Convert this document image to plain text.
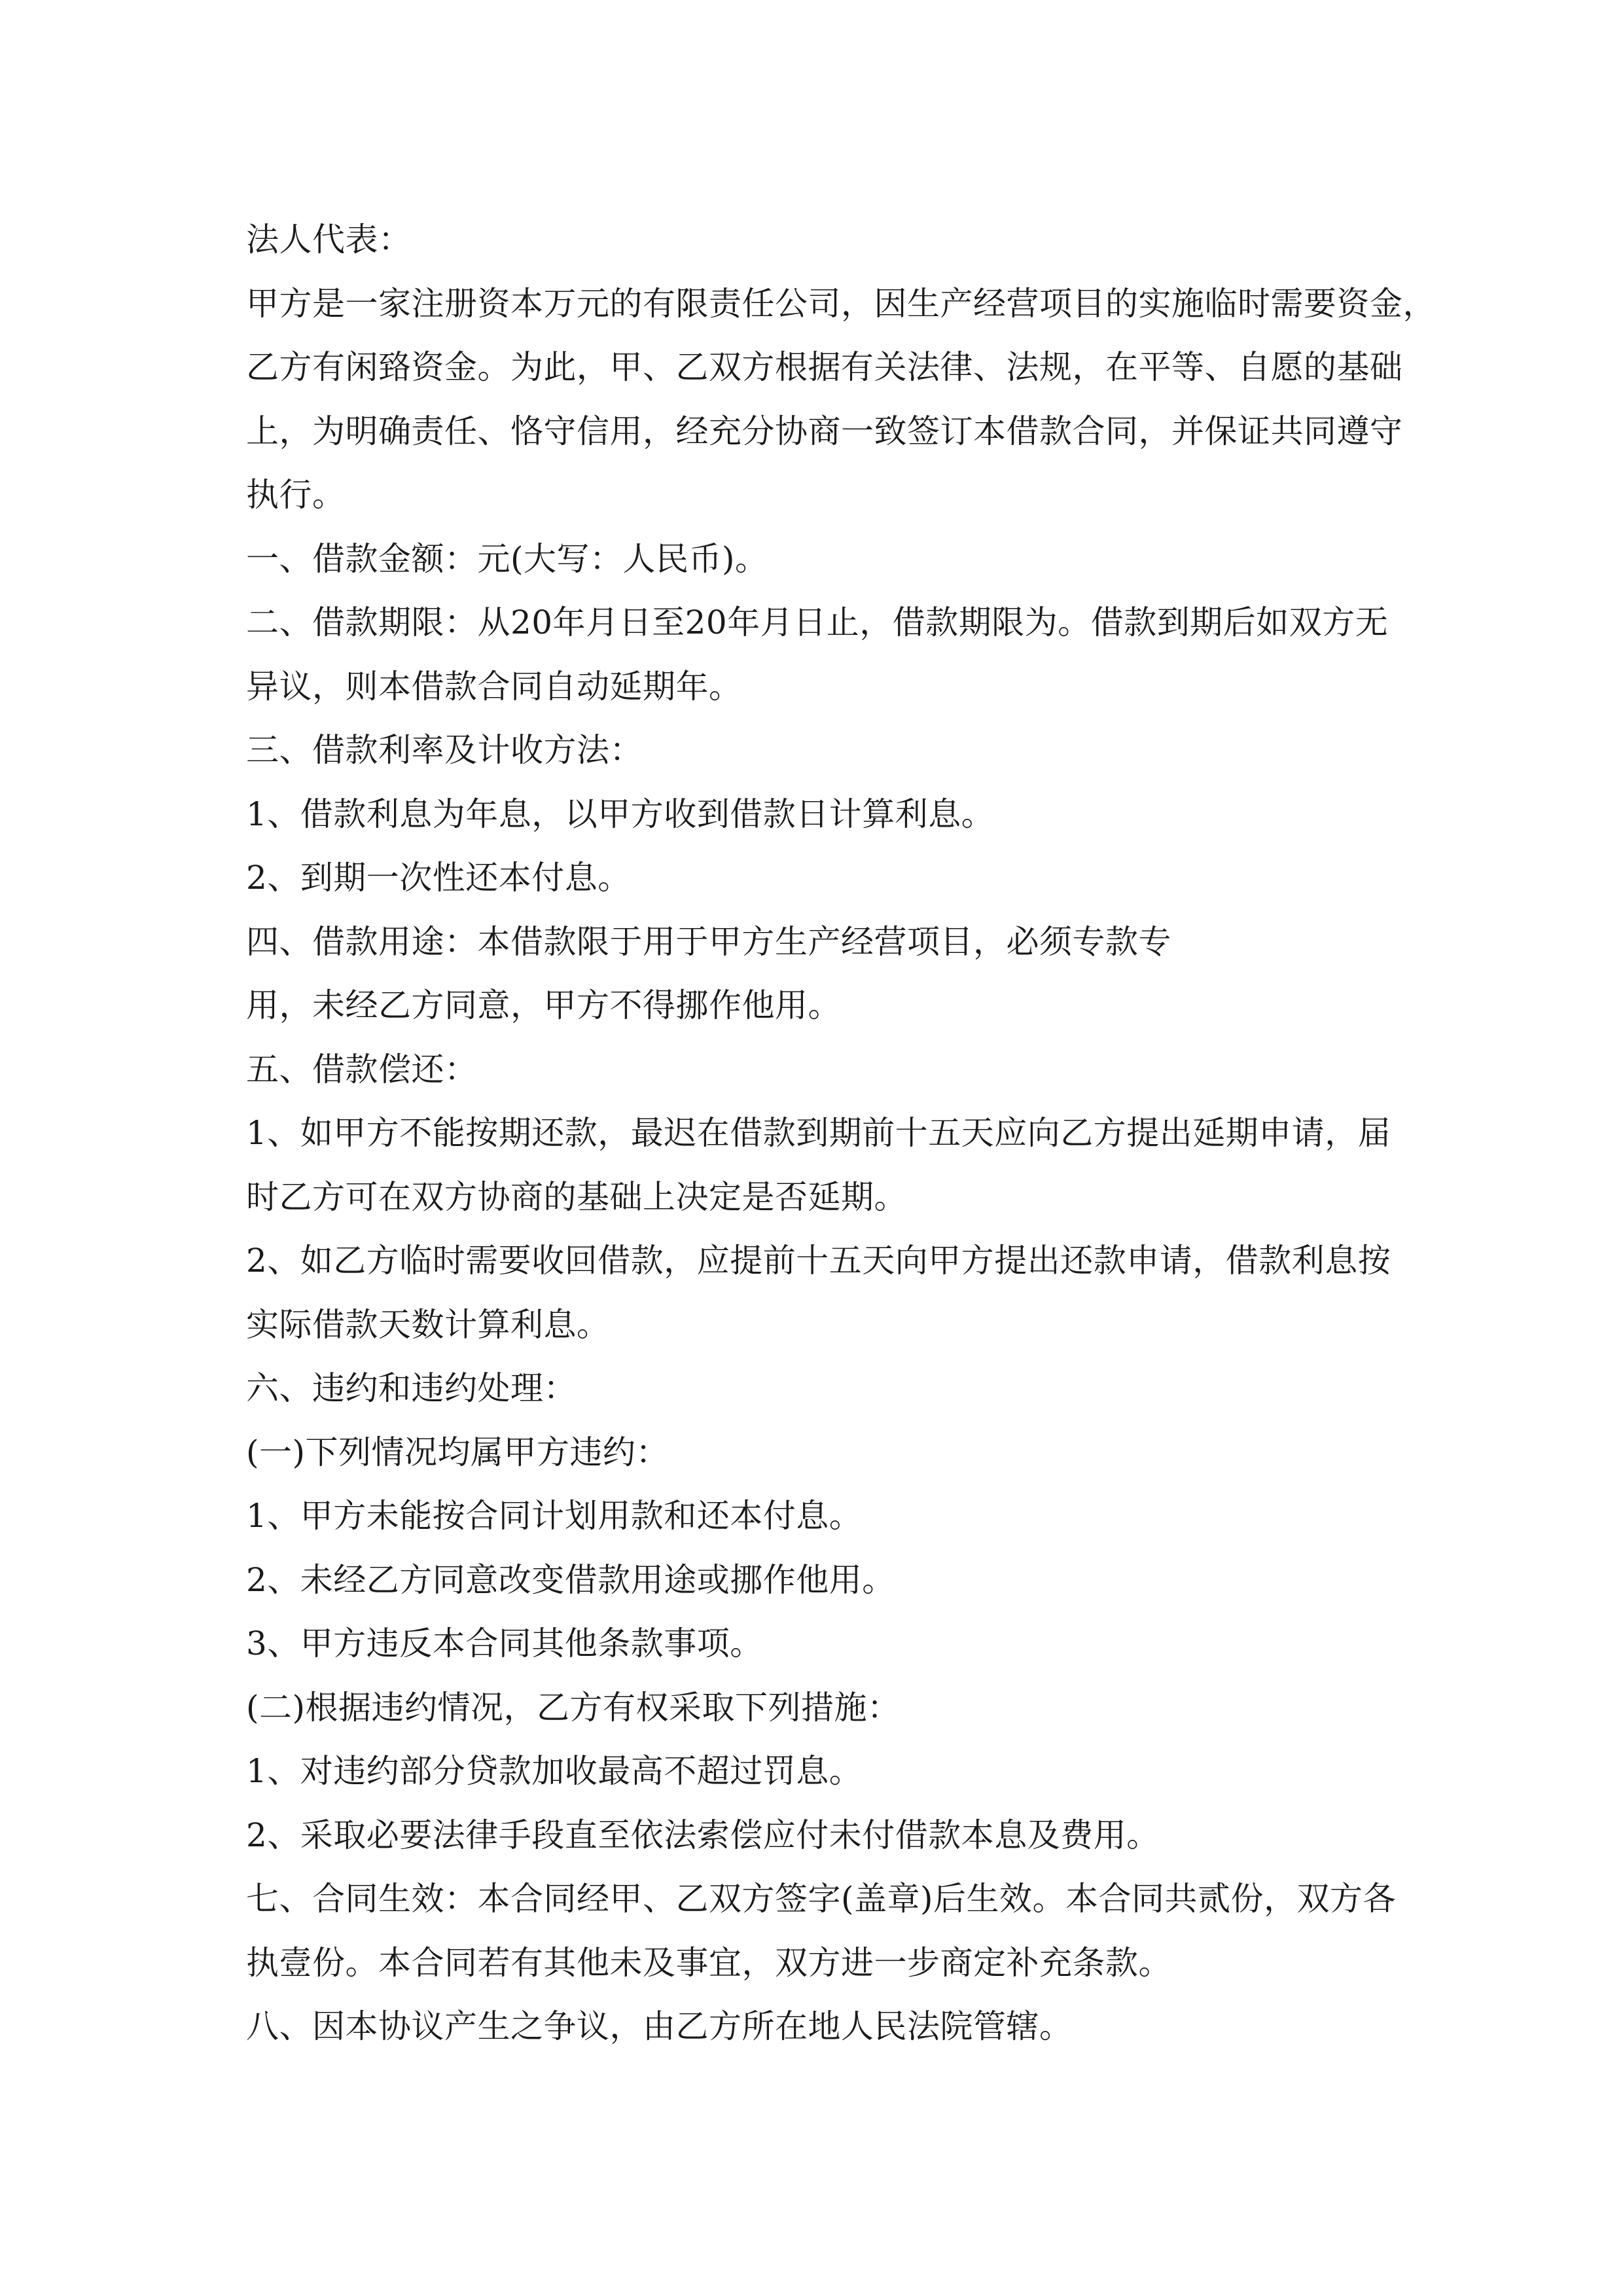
法人代表：
甲方是一家注册资本万元的有限责任公司，因生产经营项目的实施临时需要资金，
乙方有闲臵资金。为此，甲、乙双方根据有关法律、法规，在平等、自愿的基础
上，为明确责任、恪守信用，经充分协商一致签订本借款合同，并保证共同遵守
执行。
一、借款金额：元(大写：人民币)。
二、借款期限：从20年月日至20年月日止，借款期限为。借款到期后如双方无
异议，则本借款合同自动延期年。
三、借款利率及计收方法：
1、借款利息为年息，以甲方收到借款日计算利息。
2、到期一次性还本付息。
四、借款用途：本借款限于用于甲方生产经营项目，必须专款专
用，未经乙方同意，甲方不得挪作他用。
五、借款偿还：
1、如甲方不能按期还款，最迟在借款到期前十五天应向乙方提出延期申请，届
时乙方可在双方协商的基础上决定是否延期。
2、如乙方临时需要收回借款，应提前十五天向甲方提出还款申请，借款利息按
实际借款天数计算利息。
六、违约和违约处理：
(一)下列情况均属甲方违约：
1、甲方未能按合同计划用款和还本付息。
2、未经乙方同意改变借款用途或挪作他用。
3、甲方违反本合同其他条款事项。
(二)根据违约情况，乙方有权采取下列措施：
1、对违约部分贷款加收最高不超过罚息。
2、采取必要法律手段直至依法索偿应付未付借款本息及费用。
七、合同生效：本合同经甲、乙双方签字(盖章)后生效。本合同共贰份，双方各
执壹份。本合同若有其他未及事宜，双方进一步商定补充条款。
八、因本协议产生之争议，由乙方所在地人民法院管辖。
